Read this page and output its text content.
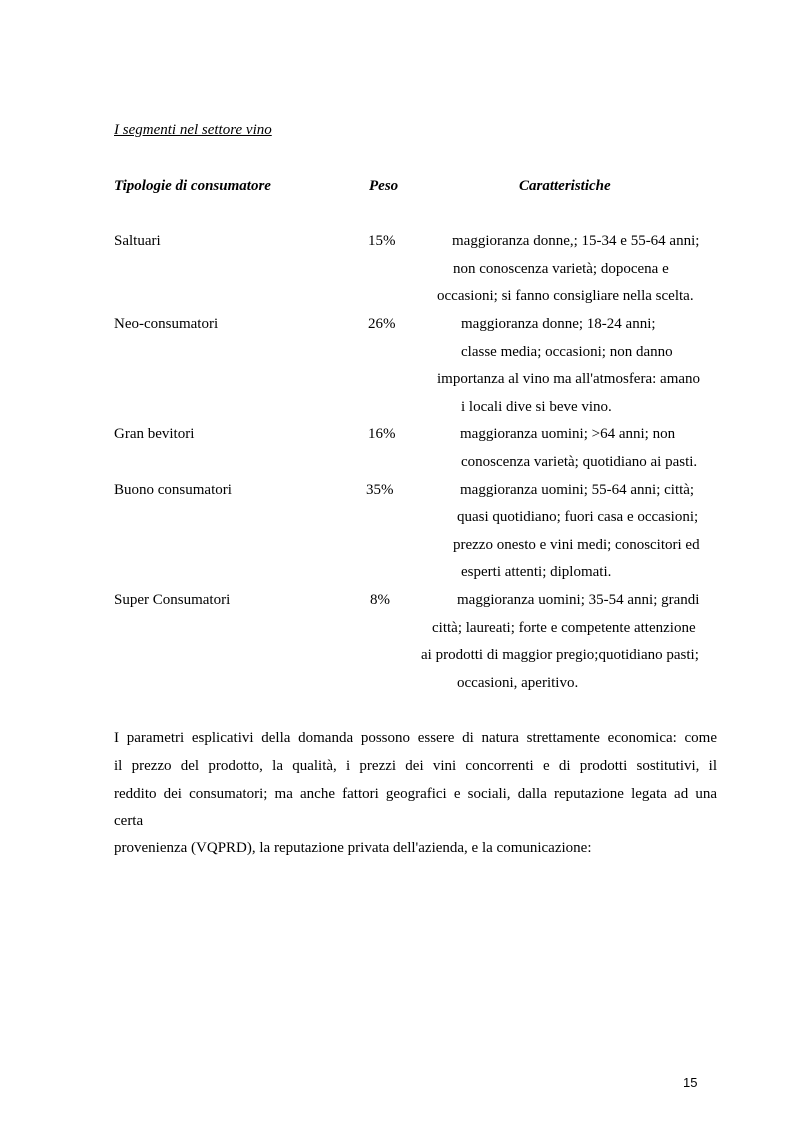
I segmenti nel settore vino
Tipologie di consumatore	Peso	Caratteristiche
Saltuari	15%	maggioranza donne,; 15-34 e 55-64 anni;
non conoscenza varietà; dopocena e
occasioni; si fanno consigliare nella scelta.
Neo-consumatori	26%	maggioranza donne; 18-24 anni;
classe media; occasioni; non danno
importanza al vino ma all'atmosfera: amano
i locali dive si beve vino.
Gran bevitori	16%	maggioranza uomini; >64 anni; non
conoscenza varietà; quotidiano ai pasti.
Buono consumatori	35%	maggioranza uomini; 55-64 anni; città;
quasi quotidiano; fuori casa e occasioni;
prezzo onesto e vini medi; conoscitori ed
esperti attenti; diplomati.
Super Consumatori	8%	maggioranza uomini; 35-54 anni; grandi
città; laureati; forte e competente attenzione
ai prodotti di maggior pregio;quotidiano pasti;
occasioni, aperitivo.
I parametri esplicativi della domanda possono essere di natura strettamente economica: come
il prezzo del prodotto, la qualità, i prezzi dei vini concorrenti e di prodotti sostitutivi, il
reddito dei consumatori; ma anche fattori geografici e sociali, dalla reputazione legata ad una
certa
provenienza (VQPRD), la reputazione privata dell'azienda, e la comunicazione:
15
